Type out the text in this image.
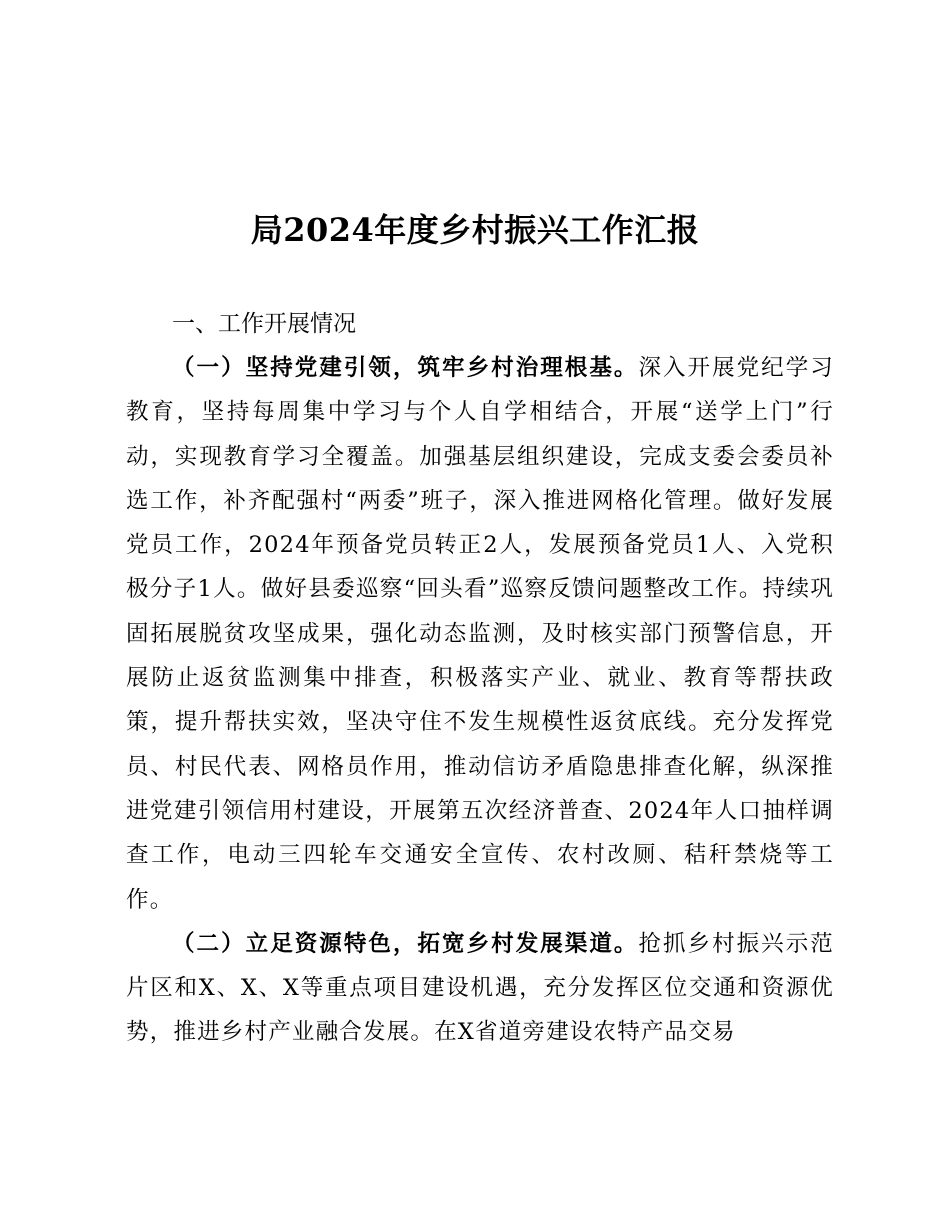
局2024年度乡村振兴工作汇报

一、工作开展情况

（一）坚持党建引领，筑牢乡村治理根基。深入开展党纪学习教育，坚持每周集中学习与个人自学相结合，开展“送学上门”行动，实现教育学习全覆盖。加强基层组织建设，完成支委会委员补选工作，补齐配强村“两委”班子，深入推进网格化管理。做好发展党员工作，2024年预备党员转正2人，发展预备党员1人、入党积极分子1人。做好县委巡察“回头看”巡察反馈问题整改工作。持续巩固拓展脱贫攻坚成果，强化动态监测，及时核实部门预警信息，开展防止返贫监测集中排查，积极落实产业、就业、教育等帮扶政策，提升帮扶实效，坚决守住不发生规模性返贫底线。充分发挥党员、村民代表、网格员作用，推动信访矛盾隐患排查化解，纵深推进党建引领信用村建设，开展第五次经济普查、2024年人口抽样调查工作，电动三四轮车交通安全宣传、农村改厕、秸秆禁烧等工作。

（二）立足资源特色，拓宽乡村发展渠道。抢抓乡村振兴示范片区和X、X、X等重点项目建设机遇，充分发挥区位交通和资源优势，推进乡村产业融合发展。在X省道旁建设农特产品交易
